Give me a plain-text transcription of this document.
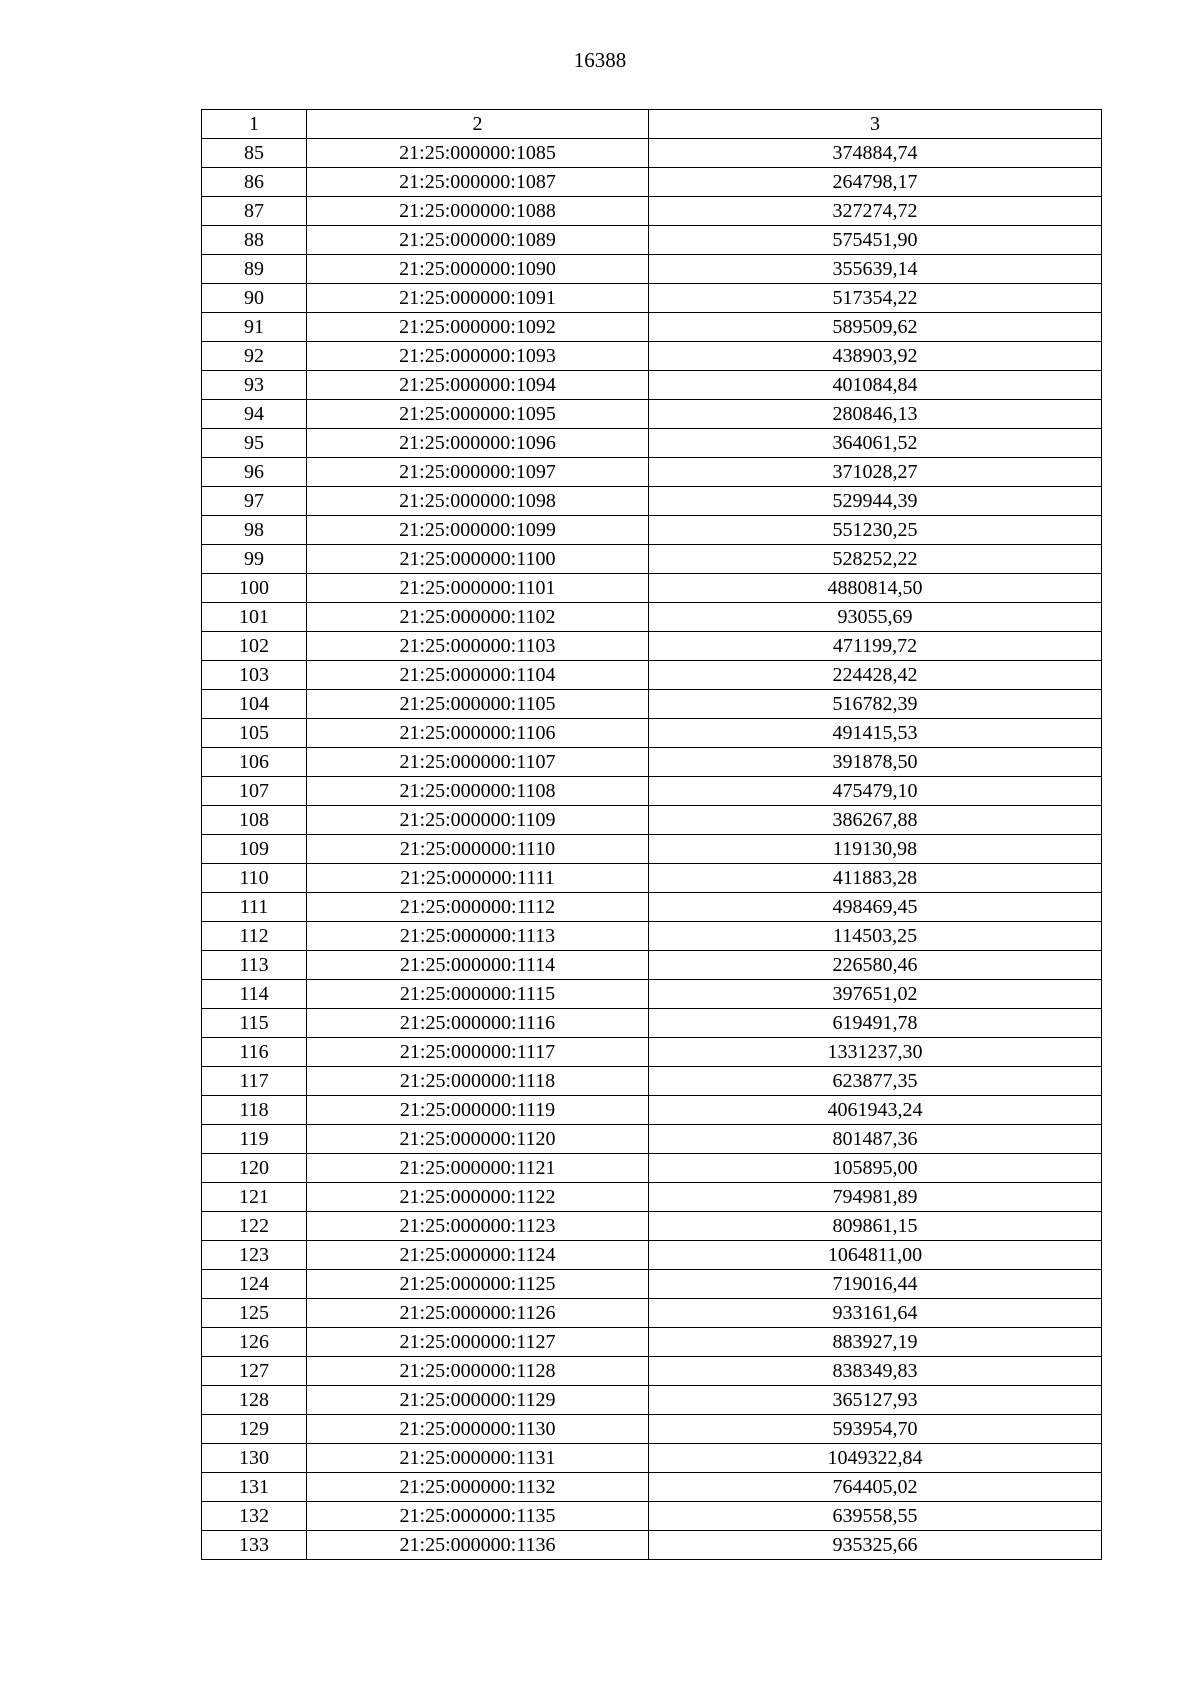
16388
1	2	3
85	21:25:000000:1085	374884,74
86	21:25:000000:1087	264798,17
87	21:25:000000:1088	327274,72
88	21:25:000000:1089	575451,90
89	21:25:000000:1090	355639,14
90	21:25:000000:1091	517354,22
91	21:25:000000:1092	589509,62
92	21:25:000000:1093	438903,92
93	21:25:000000:1094	401084,84
94	21:25:000000:1095	280846,13
95	21:25:000000:1096	364061,52
96	21:25:000000:1097	371028,27
97	21:25:000000:1098	529944,39
98	21:25:000000:1099	551230,25
99	21:25:000000:1100	528252,22
100	21:25:000000:1101	4880814,50
101	21:25:000000:1102	93055,69
102	21:25:000000:1103	471199,72
103	21:25:000000:1104	224428,42
104	21:25:000000:1105	516782,39
105	21:25:000000:1106	491415,53
106	21:25:000000:1107	391878,50
107	21:25:000000:1108	475479,10
108	21:25:000000:1109	386267,88
109	21:25:000000:1110	119130,98
110	21:25:000000:1111	411883,28
111	21:25:000000:1112	498469,45
112	21:25:000000:1113	114503,25
113	21:25:000000:1114	226580,46
114	21:25:000000:1115	397651,02
115	21:25:000000:1116	619491,78
116	21:25:000000:1117	1331237,30
117	21:25:000000:1118	623877,35
118	21:25:000000:1119	4061943,24
119	21:25:000000:1120	801487,36
120	21:25:000000:1121	105895,00
121	21:25:000000:1122	794981,89
122	21:25:000000:1123	809861,15
123	21:25:000000:1124	1064811,00
124	21:25:000000:1125	719016,44
125	21:25:000000:1126	933161,64
126	21:25:000000:1127	883927,19
127	21:25:000000:1128	838349,83
128	21:25:000000:1129	365127,93
129	21:25:000000:1130	593954,70
130	21:25:000000:1131	1049322,84
131	21:25:000000:1132	764405,02
132	21:25:000000:1135	639558,55
133	21:25:000000:1136	935325,66
